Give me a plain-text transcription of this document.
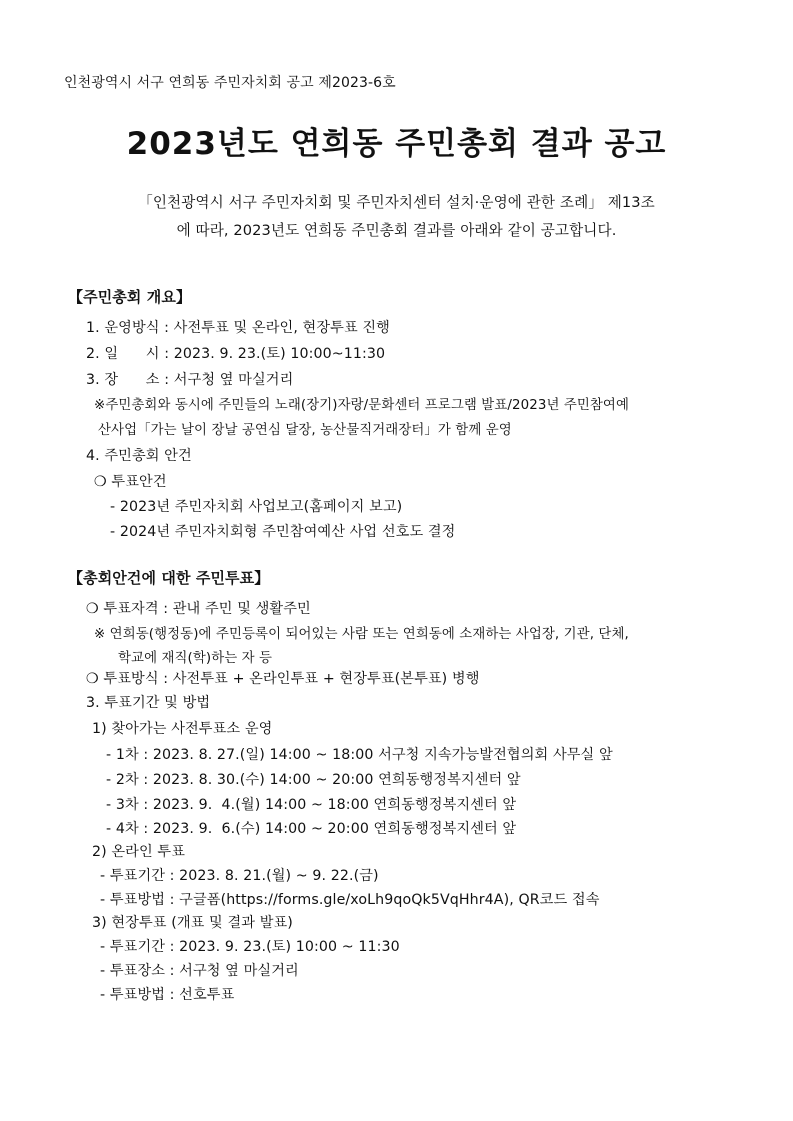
인천광역시 서구 연희동 주민자치회 공고 제2023-6호
2023년도 연희동 주민총회 결과 공고
「인천광역시 서구 주민자치회 및 주민자치센터 설치·운영에 관한 조례」 제13조
에 따라, 2023년도 연희동 주민총회 결과를 아래와 같이 공고합니다.
【주민총회 개요】
1. 운영방식 : 사전투표 및 온라인, 현장투표 진행
2. 일      시 : 2023. 9. 23.(토) 10:00~11:30
3. 장      소 : 서구청 옆 마실거리
※주민총회와 동시에 주민들의 노래(장기)자랑/문화센터 프로그램 발표/2023년 주민참여예
산사업「가는 날이 장날 공연심 달장, 농산물직거래장터」가 함께 운영
4. 주민총회 안건
❍ 투표안건
- 2023년 주민자치회 사업보고(홈페이지 보고)
- 2024년 주민자치회형 주민참여예산 사업 선호도 결정
【총회안건에 대한 주민투표】
❍ 투표자격 : 관내 주민 및 생활주민
※ 연희동(행정동)에 주민등록이 되어있는 사람 또는 연희동에 소재하는 사업장, 기관, 단체,
학교에 재직(학)하는 자 등
❍ 투표방식 : 사전투표 + 온라인투표 + 현장투표(본투표) 병행
3. 투표기간 및 방법
1) 찾아가는 사전투표소 운영
- 1차 : 2023. 8. 27.(일) 14:00 ~ 18:00 서구청 지속가능발전협의회 사무실 앞
- 2차 : 2023. 8. 30.(수) 14:00 ~ 20:00 연희동행정복지센터 앞
- 3차 : 2023. 9.  4.(월) 14:00 ~ 18:00 연희동행정복지센터 앞
- 4차 : 2023. 9.  6.(수) 14:00 ~ 20:00 연희동행정복지센터 앞
2) 온라인 투표
- 투표기간 : 2023. 8. 21.(월) ~ 9. 22.(금)
- 투표방법 : 구글폼(https://forms.gle/xoLh9qoQk5VqHhr4A), QR코드 접속
3) 현장투표 (개표 및 결과 발표)
- 투표기간 : 2023. 9. 23.(토) 10:00 ~ 11:30
- 투표장소 : 서구청 옆 마실거리
- 투표방법 : 선호투표
